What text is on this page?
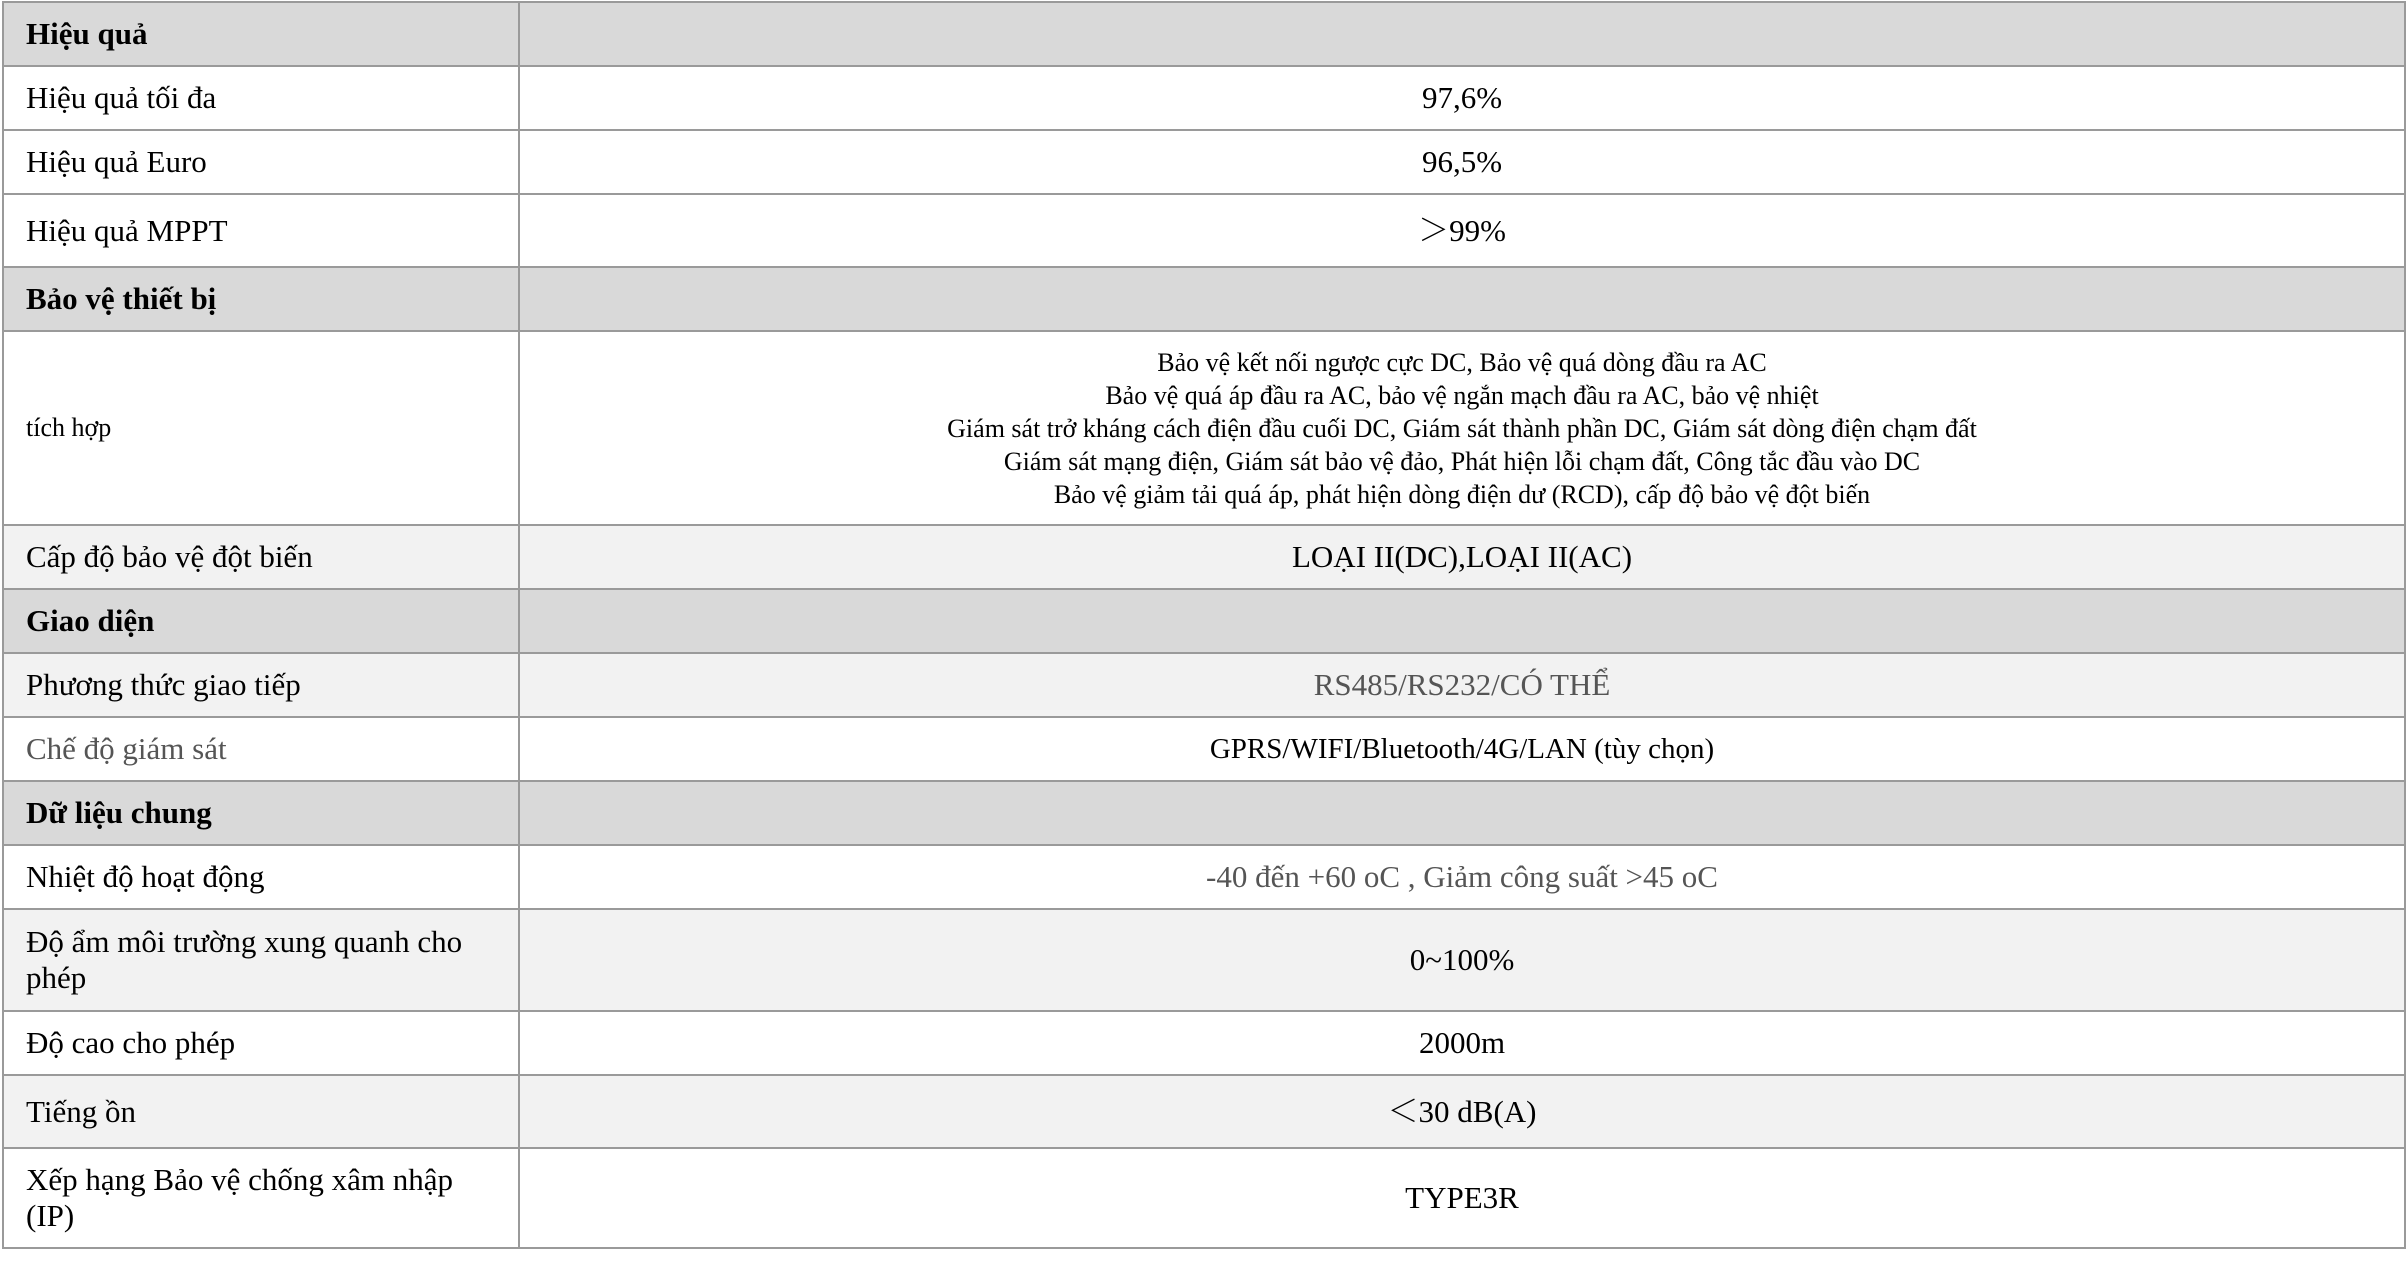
Hiệu quả	
Hiệu quả tối đa	97,6%
Hiệu quả Euro	96,5%
Hiệu quả MPPT	＞99%
Bảo vệ thiết bị	
tích hợp	Bảo vệ kết nối ngược cực DC, Bảo vệ quá dòng đầu ra AC
Bảo vệ quá áp đầu ra AC, bảo vệ ngắn mạch đầu ra AC, bảo vệ nhiệt
Giám sát trở kháng cách điện đầu cuối DC, Giám sát thành phần DC, Giám sát dòng điện chạm đất
Giám sát mạng điện, Giám sát bảo vệ đảo, Phát hiện lỗi chạm đất, Công tắc đầu vào DC
Bảo vệ giảm tải quá áp, phát hiện dòng điện dư (RCD), cấp độ bảo vệ đột biến

Cấp độ bảo vệ đột biến	LOẠI II(DC),LOẠI II(AC)
Giao diện	
Phương thức giao tiếp	RS485/RS232/CÓ THỂ
Chế độ giám sát	GPRS/WIFI/Bluetooth/4G/LAN (tùy chọn)
Dữ liệu chung	
Nhiệt độ hoạt động	-40 đến +60 oC , Giảm công suất >45 oC
Độ ẩm môi trường xung quanh cho phép	0~100%
Độ cao cho phép	2000m
Tiếng ồn	＜30 dB(A)
Xếp hạng Bảo vệ chống xâm nhập (IP)	TYPE3R
